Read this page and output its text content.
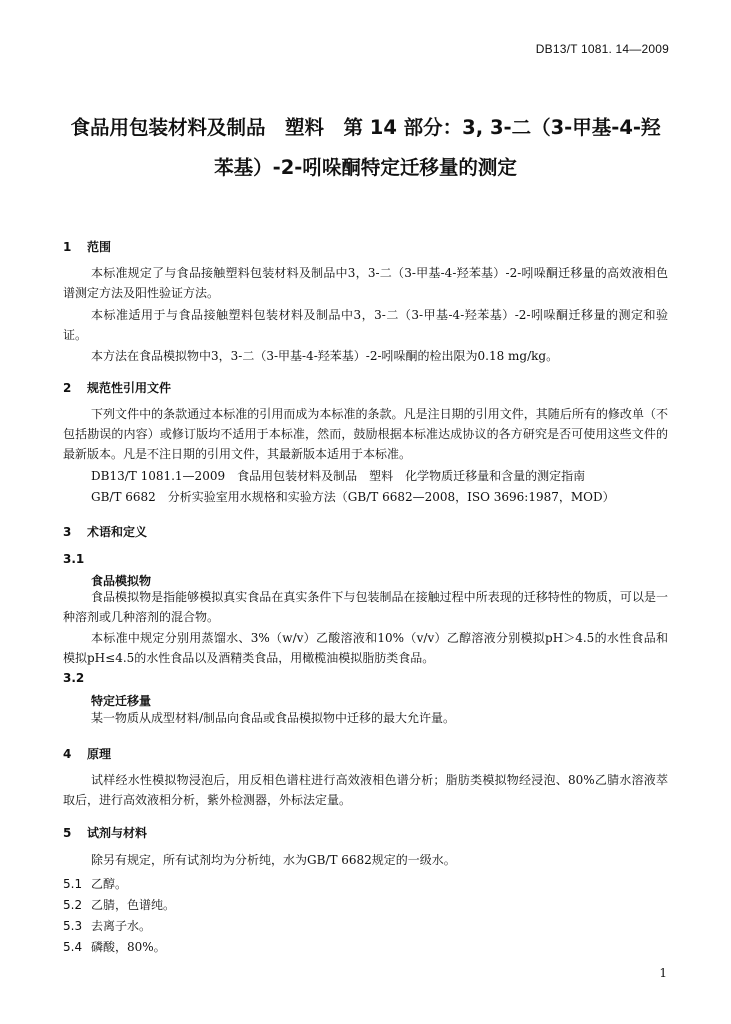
DB13/T 1081. 14—2009
食品用包装材料及制品　塑料　第 14 部分：3, 3-二（3-甲基-4-羟
苯基）-2-吲哚酮特定迁移量的测定
1 范围
本标准规定了与食品接触塑料包装材料及制品中3，3-二（3-甲基-4-羟苯基）-2-吲哚酮迁移量的高效液相色谱测定方法及阳性验证方法。
本标准适用于与食品接触塑料包装材料及制品中3，3-二（3-甲基-4-羟苯基）-2-吲哚酮迁移量的测定和验证。
本方法在食品模拟物中3，3-二（3-甲基-4-羟苯基）-2-吲哚酮的检出限为0.18 mg/kg。
2 规范性引用文件
下列文件中的条款通过本标准的引用而成为本标准的条款。凡是注日期的引用文件，其随后所有的修改单（不包括勘误的内容）或修订版均不适用于本标准，然而，鼓励根据本标准达成协议的各方研究是否可使用这些文件的最新版本。凡是不注日期的引用文件，其最新版本适用于本标准。
DB13/T 1081.1—2009　食品用包装材料及制品　塑料　化学物质迁移量和含量的测定指南
GB/T 6682　分析实验室用水规格和实验方法（GB/T 6682—2008，ISO 3696:1987，MOD）
3 术语和定义
3.1
食品模拟物
食品模拟物是指能够模拟真实食品在真实条件下与包装制品在接触过程中所表现的迁移特性的物质，可以是一种溶剂或几种溶剂的混合物。
本标准中规定分别用蒸馏水、3%（w/v）乙酸溶液和10%（v/v）乙醇溶液分别模拟pH＞4.5的水性食品和模拟pH≤4.5的水性食品以及酒精类食品，用橄榄油模拟脂肪类食品。
3.2
特定迁移量
某一物质从成型材料/制品向食品或食品模拟物中迁移的最大允许量。
4 原理
试样经水性模拟物浸泡后，用反相色谱柱进行高效液相色谱分析；脂肪类模拟物经浸泡、80%乙腈水溶液萃取后，进行高效液相分析，紫外检测器，外标法定量。
5 试剂与材料
除另有规定，所有试剂均为分析纯，水为GB/T 6682规定的一级水。
5.1 乙醇。
5.2 乙腈，色谱纯。
5.3 去离子水。
5.4 磷酸，80%。
1
